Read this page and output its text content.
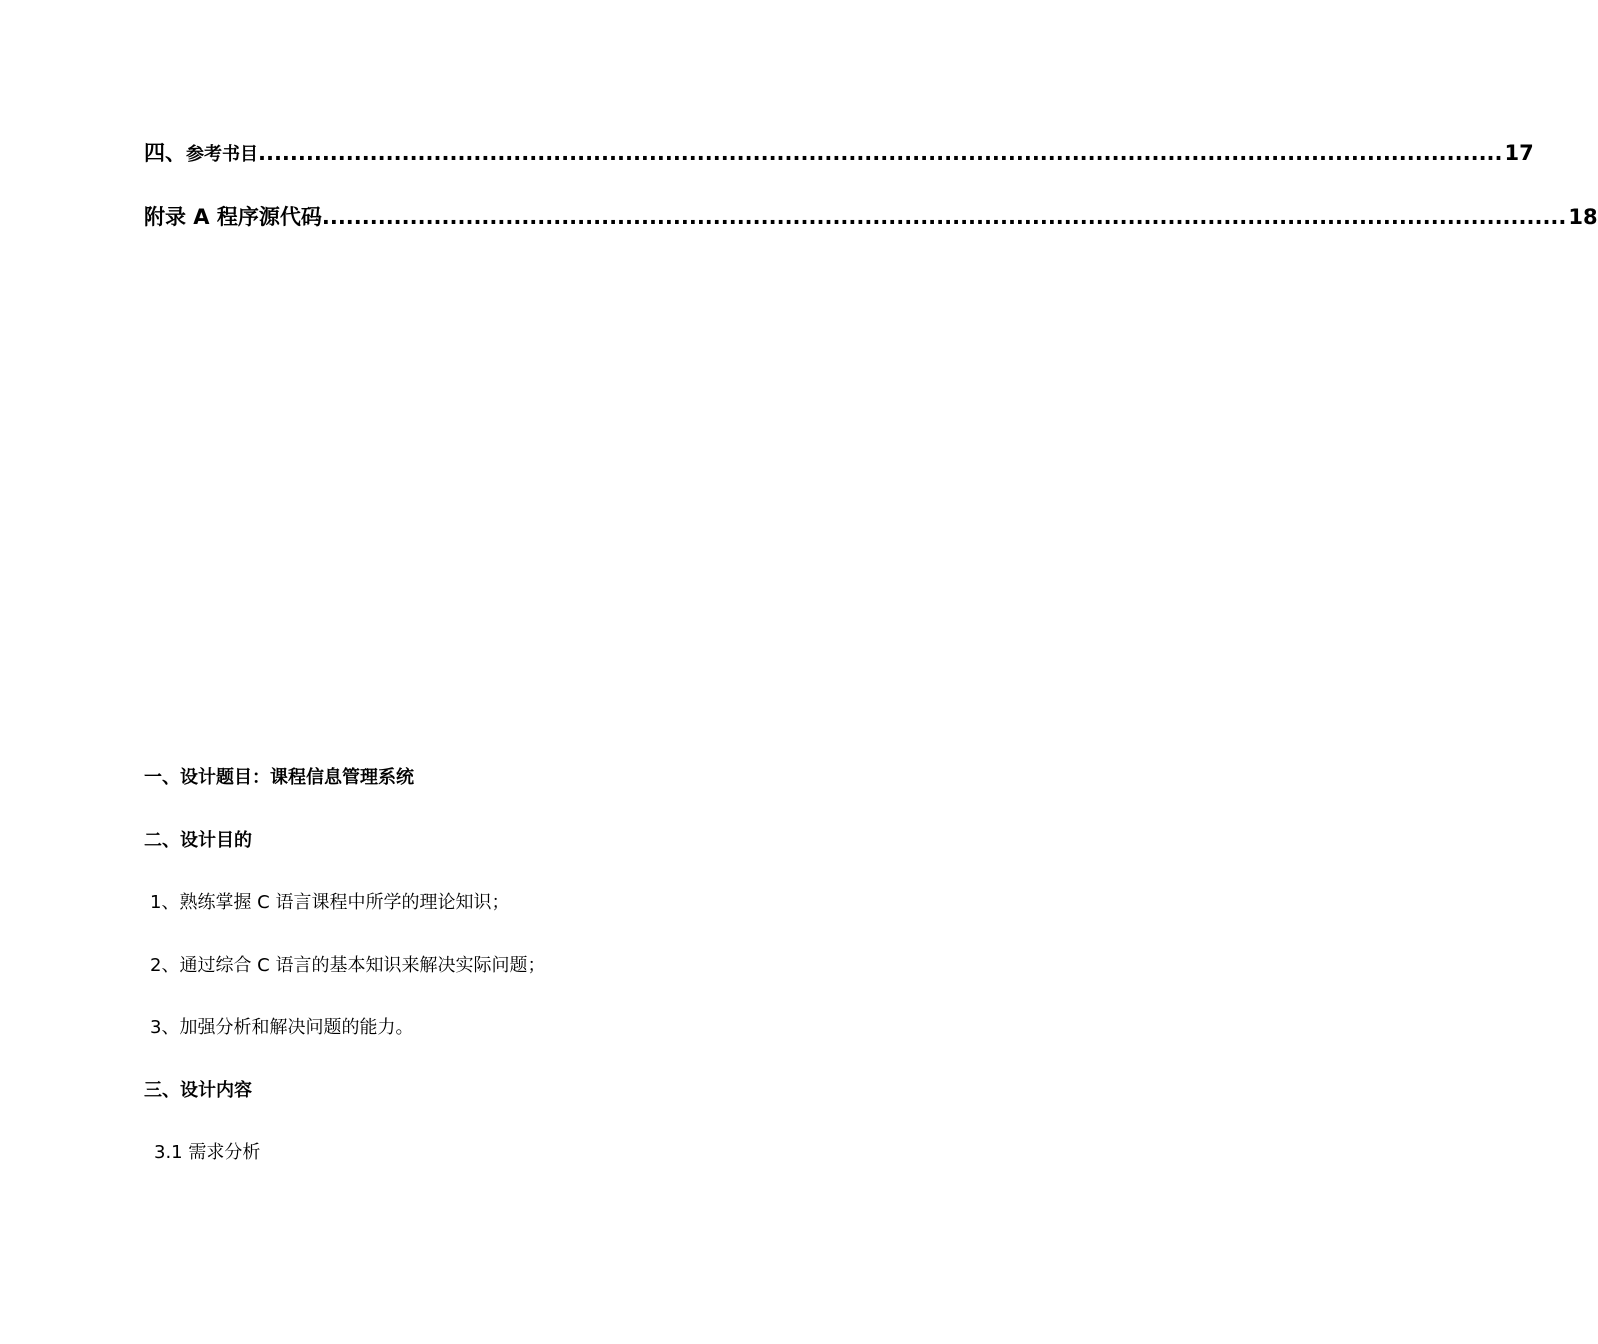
四、参考书目 ............................................................................................................................................................ 17
附录 A 程序源代码 ............................................................................................................................................................ 18
一、设计题目：课程信息管理系统
二、设计目的
1、熟练掌握 C 语言课程中所学的理论知识；
2、通过综合 C 语言的基本知识来解决实际问题；
3、加强分析和解决问题的能力。
三、设计内容
3.1 需求分析
